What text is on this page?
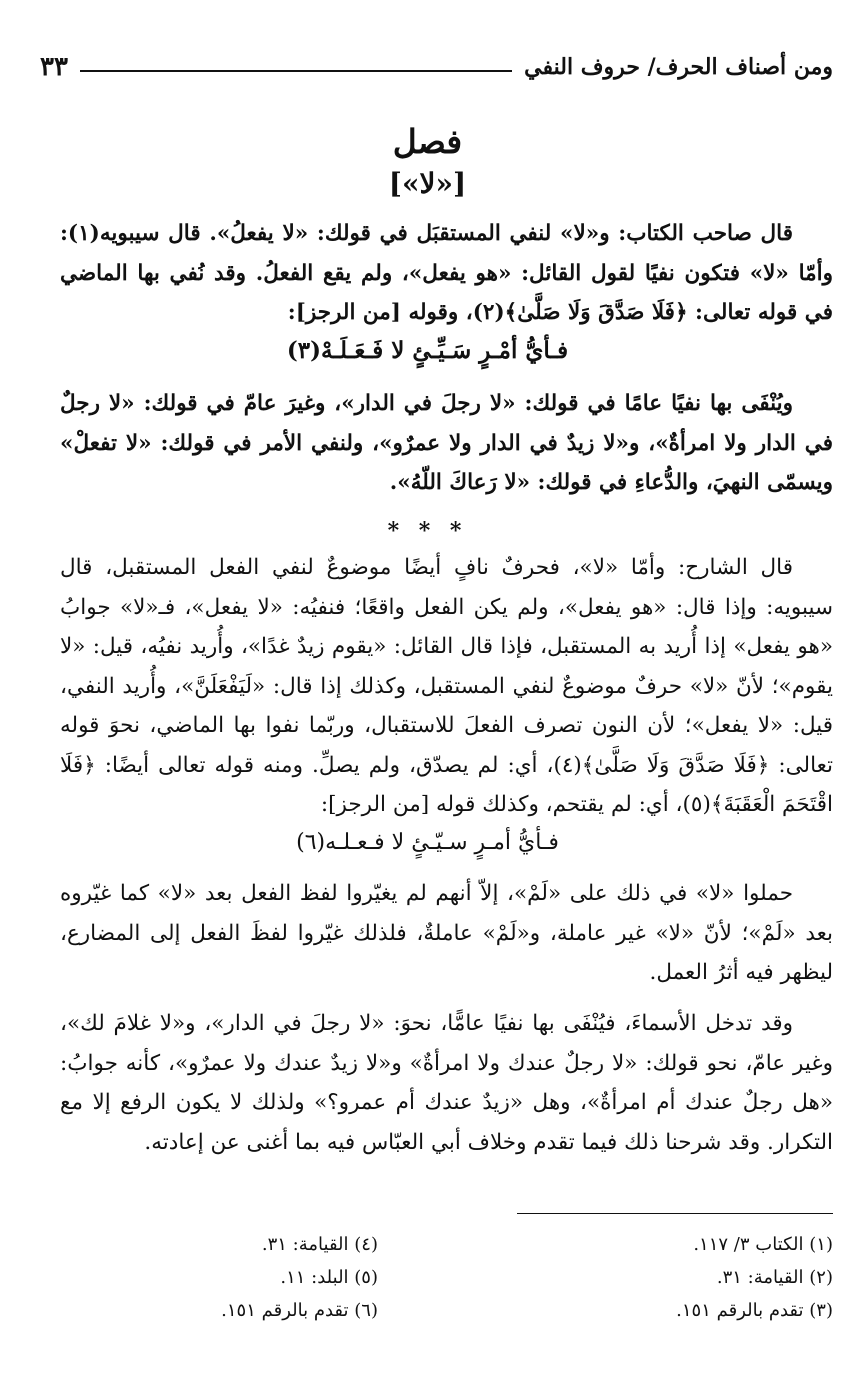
ومن أصناف الحرف/ حروف النفي
٣٣
فصل
[«لا»]

قال صاحب الكتاب: و«لا» لنفي المستقبَل في قولك: «لا يفعلُ». قال سيبويه(١): وأمّا «لا» فتكون نفيًا لقول القائل: «هو يفعل»، ولم يقع الفعلُ. وقد نُفي بها الماضي في قوله تعالى: ﴿فَلَا صَدَّقَ وَلَا صَلَّىٰ﴾(٢)، وقوله [من الرجز]:

فـأيُّ أمْـرٍ سَـيِّـئٍ لا فَـعَـلَـهْ(٣)

ويُنْفَى بها نفيًا عامًا في قولك: «لا رجلَ في الدار»، وغيرَ عامّ في قولك: «لا رجلٌ في الدار ولا امرأةٌ»، و«لا زيدٌ في الدار ولا عمرٌو»، ولنفي الأمر في قولك: «لا تفعلْ» ويسمّى النهيَ، والدُّعاءِ في قولك: «لا رَعاكَ اللّهُ».

* * *

قال الشارح: وأمّا «لا»، فحرفٌ نافٍ أيضًا موضوعٌ لنفي الفعل المستقبل، قال سيبويه: وإذا قال: «هو يفعل»، ولم يكن الفعل واقعًا؛ فنفيُه: «لا يفعل»، فـ«لا» جوابُ «هو يفعل» إذا أُريد به المستقبل، فإذا قال القائل: «يقوم زيدٌ غدًا»، وأُريد نفيُه، قيل: «لا يقوم»؛ لأنّ «لا» حرفٌ موضوعٌ لنفي المستقبل، وكذلك إذا قال: «لَيَفْعَلَنَّ»، وأُريد النفي، قيل: «لا يفعل»؛ لأن النون تصرف الفعلَ للاستقبال، وربّما نفوا بها الماضي، نحوَ قوله تعالى: ﴿فَلَا صَدَّقَ وَلَا صَلَّىٰ﴾(٤)، أي: لم يصدّق، ولم يصلِّ. ومنه قوله تعالى أيضًا: ﴿فَلَا اقْتَحَمَ الْعَقَبَةَ﴾(٥)، أي: لم يقتحم، وكذلك قوله [من الرجز]:

فـأيُّ أمـرٍ سـيّـئٍ لا فـعـلـه(٦)

حملوا «لا» في ذلك على «لَمْ»، إلاّ أنهم لم يغيّروا لفظ الفعل بعد «لا» كما غيّروه بعد «لَمْ»؛ لأنّ «لا» غير عاملة، و«لَمْ» عاملةٌ، فلذلك غيّروا لفظَ الفعل إلى المضارع، ليظهر فيه أثرُ العمل.

وقد تدخل الأسماءَ، فيُنْفَى بها نفيًا عامًّا، نحوَ: «لا رجلَ في الدار»، و«لا غلامَ لك»، وغير عامّ، نحو قولك: «لا رجلٌ عندك ولا امرأةٌ» و«لا زيدٌ عندك ولا عمرٌو»، كأنه جوابُ: «هل رجلٌ عندك أم امرأةٌ»، وهل «زيدٌ عندك أم عمرو؟» ولذلك لا يكون الرفع إلا مع التكرار. وقد شرحنا ذلك فيما تقدم وخلاف أبي العبّاس فيه بما أغنى عن إعادته.

(١) الكتاب ٣/ ١١٧.
(٢) القيامة: ٣١.
(٣) تقدم بالرقم ١٥١.
(٤) القيامة: ٣١.
(٥) البلد: ١١.
(٦) تقدم بالرقم ١٥١.
